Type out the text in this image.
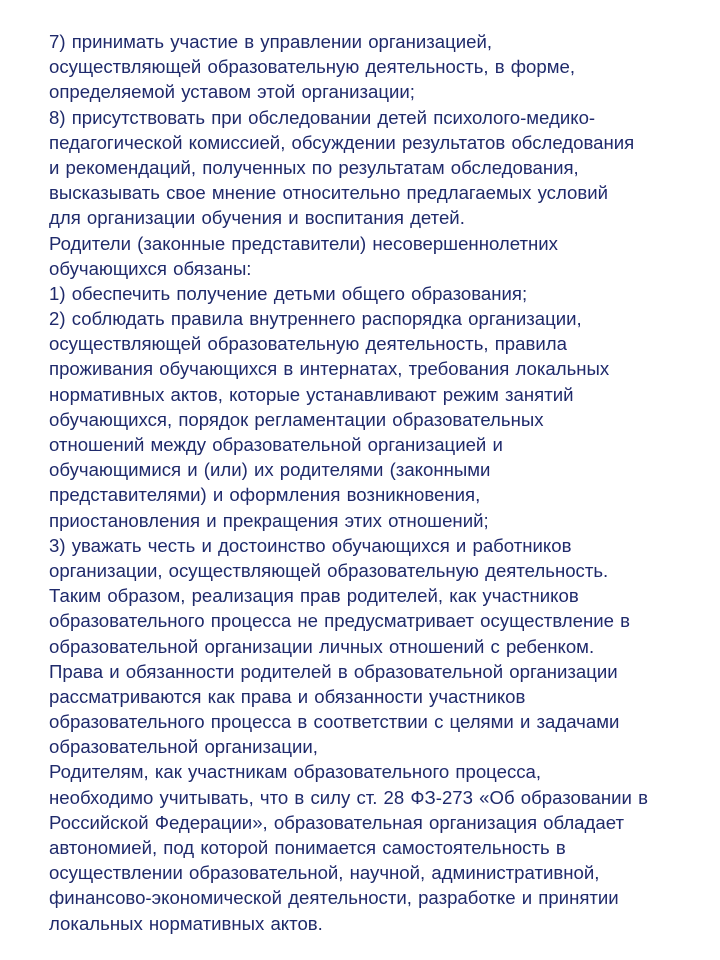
7) принимать участие в управлении организацией,
осуществляющей образовательную деятельность, в форме,
определяемой уставом этой организации;
8) присутствовать при обследовании детей психолого-медико-
педагогической комиссией, обсуждении результатов обследования
и рекомендаций, полученных по результатам обследования,
высказывать свое мнение относительно предлагаемых условий
для организации обучения и воспитания детей.
Родители (законные представители) несовершеннолетних
обучающихся обязаны:
1) обеспечить получение детьми общего образования;
2) соблюдать правила внутреннего распорядка организации,
осуществляющей образовательную деятельность, правила
проживания обучающихся в интернатах, требования локальных
нормативных актов, которые устанавливают режим занятий
обучающихся, порядок регламентации образовательных
отношений между образовательной организацией и
обучающимися и (или) их родителями (законными
представителями) и оформления возникновения,
приостановления и прекращения этих отношений;
3) уважать честь и достоинство обучающихся и работников
организации, осуществляющей образовательную деятельность.
Таким образом, реализация прав родителей, как участников
образовательного процесса не предусматривает осуществление в
образовательной организации личных отношений с ребенком.
Права и обязанности родителей в образовательной организации
рассматриваются как права и обязанности участников
образовательного процесса в соответствии с целями и задачами
образовательной организации,
Родителям, как участникам образовательного процесса,
необходимо учитывать, что в силу ст. 28 ФЗ-273 «Об образовании в
Российской Федерации», образовательная организация обладает
автономией, под которой понимается самостоятельность в
осуществлении образовательной, научной, административной,
финансово-экономической деятельности, разработке и принятии
локальных нормативных актов.
